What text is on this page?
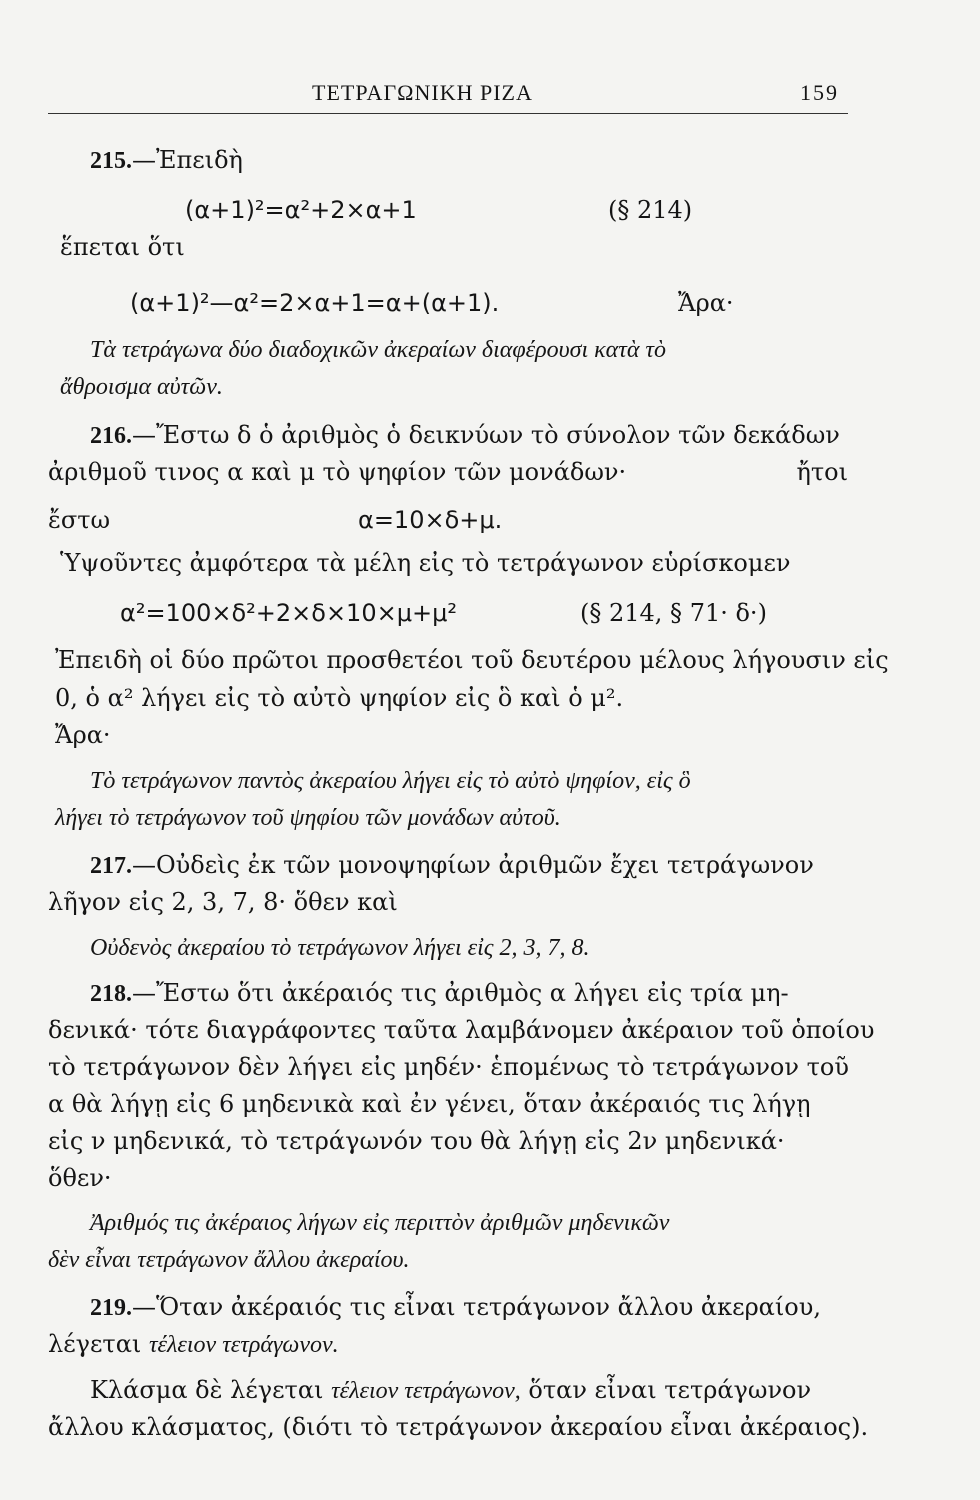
ΤΕΤΡΑΓΩΝΙΚΗ ΡΙΖΑ	159
215.—Ἐπειδὴ
(α+1)²=α²+2×α+1	(§ 214)
ἕπεται ὅτι
(α+1)²—α²=2×α+1=α+(α+1).	Ἄρα·
Τὰ τετράγωνα δύο διαδοχικῶν ἀκεραίων διαφέρουσι κατὰ τὸ
ἄθροισμα αὐτῶν.
216.—Ἔστω δ ὁ ἀριθμὸς ὁ δεικνύων τὸ σύνολον τῶν δεκάδων
ἀριθμοῦ τινος α καὶ μ τὸ ψηφίον τῶν μονάδων·	ἤτοι
ἔστω	α=10×δ+μ.
Ὑψοῦντες ἀμφότερα τὰ μέλη εἰς τὸ τετράγωνον εὑρίσκομεν
α²=100×δ²+2×δ×10×μ+μ²	(§ 214, § 71· δ·)
Ἐπειδὴ οἱ δύο πρῶτοι προσθετέοι τοῦ δευτέρου μέλους λήγουσιν εἰς
0, ὁ α² λήγει εἰς τὸ αὐτὸ ψηφίον εἰς ὃ καὶ ὁ μ².
Ἄρα·
Τὸ τετράγωνον παντὸς ἀκεραίου λήγει εἰς τὸ αὐτὸ ψηφίον, εἰς ὃ
λήγει τὸ τετράγωνον τοῦ ψηφίου τῶν μονάδων αὐτοῦ.
217.—Οὐδεὶς ἐκ τῶν μονοψηφίων ἀριθμῶν ἔχει τετράγωνον
λῆγον εἰς 2, 3, 7, 8· ὅθεν καὶ
Οὐδενὸς ἀκεραίου τὸ τετράγωνον λήγει εἰς 2, 3, 7, 8.
218.—Ἔστω ὅτι ἀκέραιός τις ἀριθμὸς α λήγει εἰς τρία μη-
δενικά· τότε διαγράφοντες ταῦτα λαμβάνομεν ἀκέραιον τοῦ ὁποίου
τὸ τετράγωνον δὲν λήγει εἰς μηδέν· ἑπομένως τὸ τετράγωνον τοῦ
α θὰ λήγῃ εἰς 6 μηδενικὰ καὶ ἐν γένει, ὅταν ἀκέραιός τις λήγῃ
εἰς ν μηδενικά, τὸ τετράγωνόν του θὰ λήγῃ εἰς 2ν μηδενικά·
ὅθεν·
Ἀριθμός τις ἀκέραιος λήγων εἰς περιττὸν ἀριθμῶν μηδενικῶν
δὲν εἶναι τετράγωνον ἄλλου ἀκεραίου.
219.—Ὅταν ἀκέραιός τις εἶναι τετράγωνον ἄλλου ἀκεραίου,
λέγεται τέλειον τετράγωνον.
Κλάσμα δὲ λέγεται τέλειον τετράγωνον, ὅταν εἶναι τετράγωνον
ἄλλου κλάσματος, (διότι τὸ τετράγωνον ἀκεραίου εἶναι ἀκέραιος).
